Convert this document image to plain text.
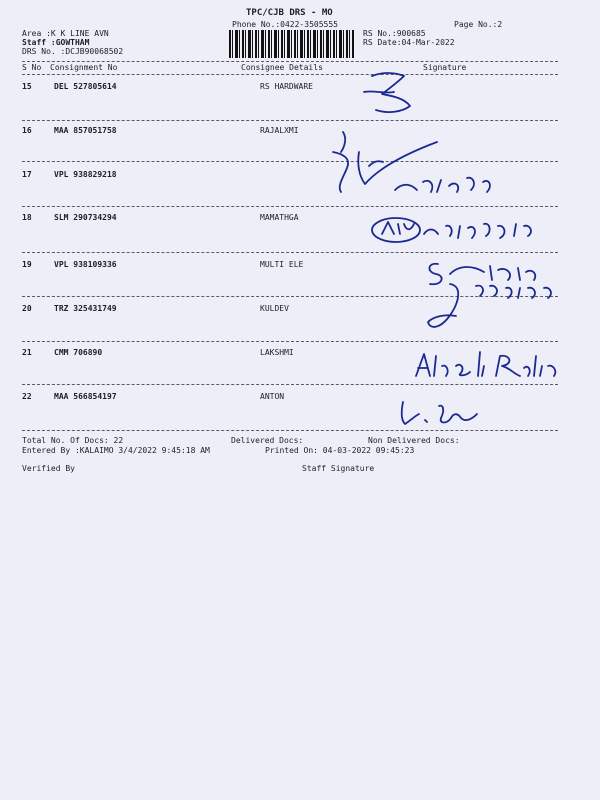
TPC/CJB DRS - MO
Phone No.:0422-3505555	Page No.:2
Area :K K LINE AVN
Staff :GOWTHAM
DRS No. :DCJB90068502
RS No.:900685
RS Date:04-Mar-2022
S No Consignment No	Consignee Details	Signature
15	DEL 527805614	RS HARDWARE
16	MAA 857051758	RAJALXMI
17	VPL 938829218
18	SLM 290734294	MAMATHGA
19	VPL 938109336	MULTI ELE
20	TRZ 325431749	KULDEV
21	CMM 706890	LAKSHMI
22	MAA 566854197	ANTON
Total No. Of Docs: 22	Delivered Docs:	Non Delivered Docs:
Entered By :KALAIMO 3/4/2022 9:45:18 AM	Printed On: 04-03-2022 09:45:23
Verified By	Staff Signature
